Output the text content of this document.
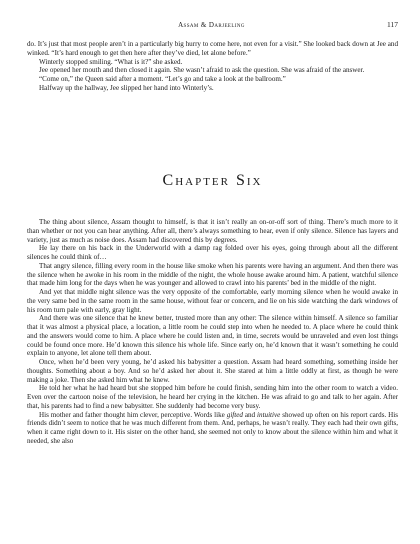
Assam & Darjeeling	117

do. It’s just that most people aren’t in a particularly big hurry to come here, not even for a visit.” She looked back down at Jee and winked. “It’s hard enough to get then here after they’ve died, let alone before.”

Winterly stopped smiling. “What is it?” she asked.

Jee opened her mouth and then closed it again. She wasn’t afraid to ask the question. She was afraid of the answer.

“Come on,” the Queen said after a moment. “Let’s go and take a look at the ballroom.”

Halfway up the hallway, Jee slipped her hand into Winterly’s.

Chapter Six

The thing about silence, Assam thought to himself, is that it isn’t really an on-or-off sort of thing. There’s much more to it than whether or not you can hear anything. After all, there’s always something to hear, even if only silence. Silence has layers and variety, just as much as noise does. Assam had discovered this by degrees.

He lay there on his back in the Underworld with a damp rag folded over his eyes, going through about all the different silences he could think of…

That angry silence, filling every room in the house like smoke when his parents were having an argument. And then there was the silence when he awoke in his room in the middle of the night, the whole house awake around him. A patient, watchful silence that made him long for the days when he was younger and allowed to crawl into his parents’ bed in the middle of the night.

And yet that middle night silence was the very opposite of the comfortable, early morning silence when he would awake in the very same bed in the same room in the same house, without fear or concern, and lie on his side watching the dark windows of his room turn pale with early, gray light.

And there was one silence that he knew better, trusted more than any other: The silence within himself. A silence so familiar that it was almost a physical place, a location, a little room he could step into when he needed to. A place where he could think and the answers would come to him. A place where he could listen and, in time, secrets would be unraveled and even lost things could be found once more. He’d known this silence his whole life. Since early on, he’d known that it wasn’t something he could explain to anyone, let alone tell them about.

Once, when he’d been very young, he’d asked his babysitter a question. Assam had heard something, something inside her thoughts. Something about a boy. And so he’d asked her about it. She stared at him a little oddly at first, as though he were making a joke. Then she asked him what he knew.

He told her what he had heard but she stopped him before he could finish, sending him into the other room to watch a video. Even over the cartoon noise of the television, he heard her crying in the kitchen. He was afraid to go and talk to her again. After that, his parents had to find a new babysitter. She suddenly had become very busy.

His mother and father thought him clever, perceptive. Words like gifted and intuitive showed up often on his report cards. His friends didn’t seem to notice that he was much different from them. And, perhaps, he wasn’t really. They each had their own gifts, when it came right down to it. His sister on the other hand, she seemed not only to know about the silence within him and what it needed, she also
